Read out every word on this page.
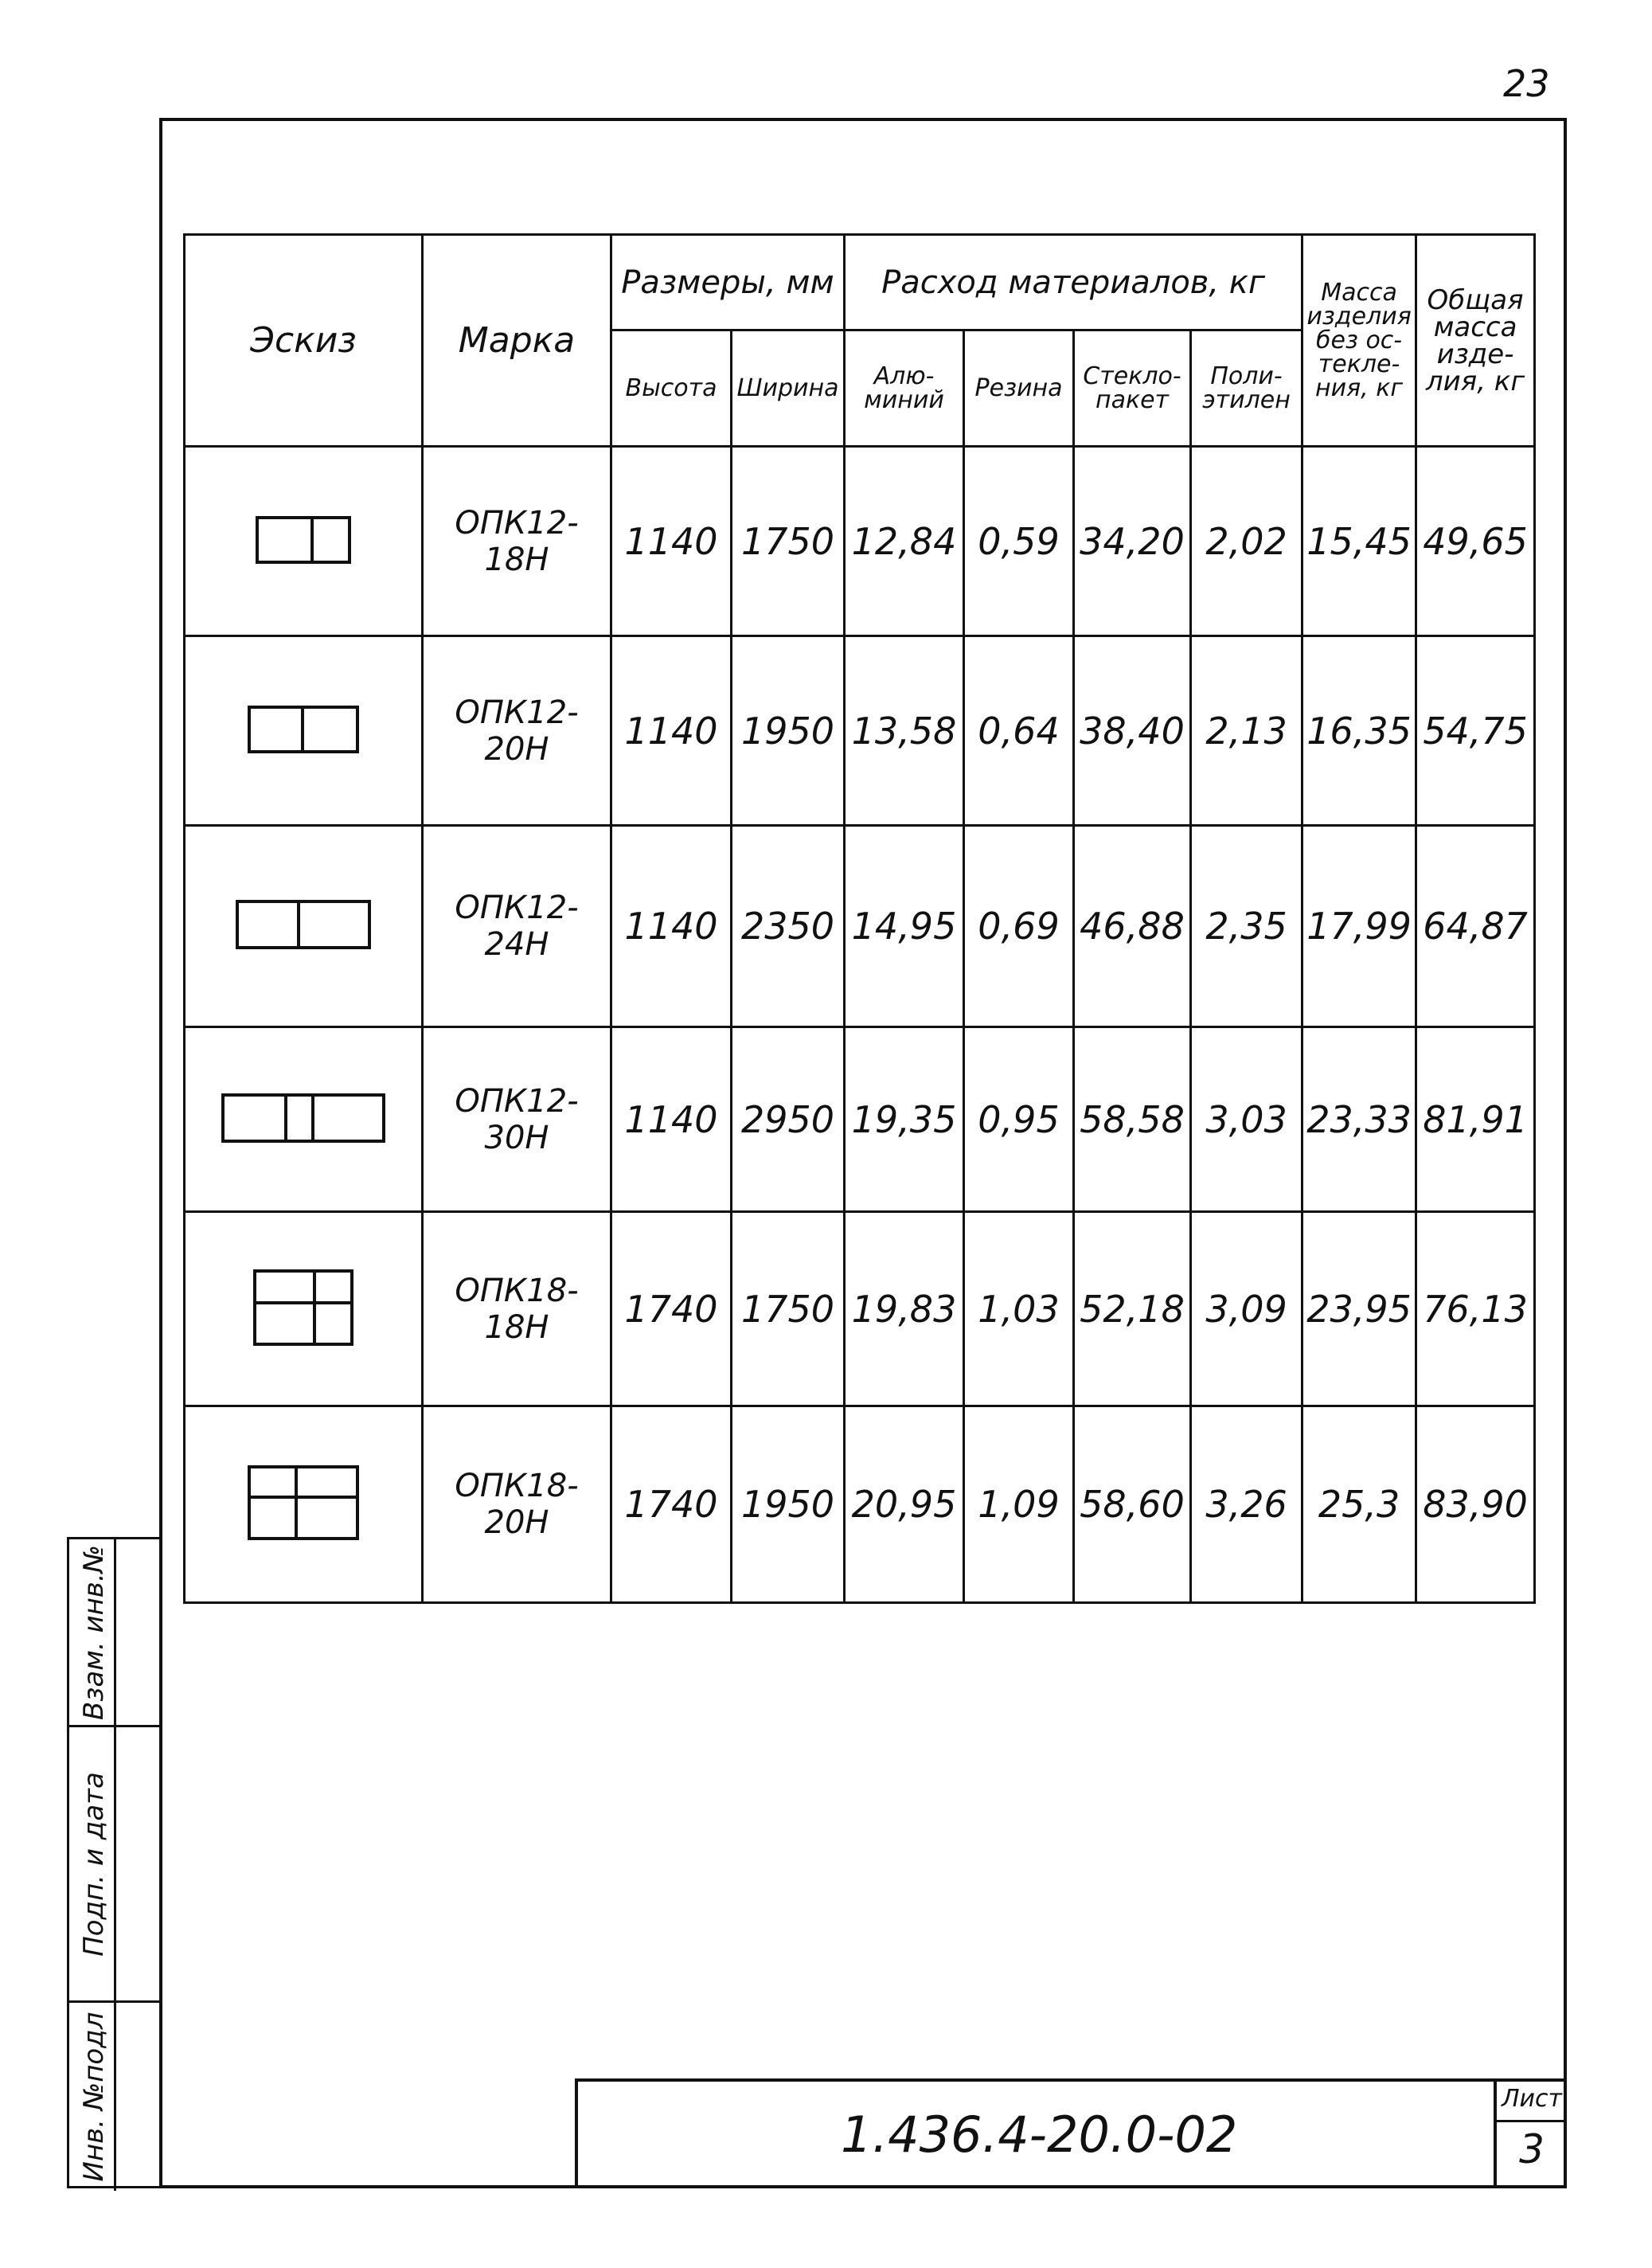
23
Взам. инв.№
Подп. и дата
Инв. №подл
Эскиз	Марка	Размеры, мм		Расход материалов, кг				Масса изделия без ос-текле-ния, кг	Общая масса изде-лия, кг
		Высота	Ширина	Алю-миний	Резина	Стекло-пакет	Поли-этилен		

	ОПК12-18Н	1140	1750	12,84	0,59	34,20	2,02	15,45	49,65

	ОПК12-20Н	1140	1950	13,58	0,64	38,40	2,13	16,35	54,75

	ОПК12-24Н	1140	2350	14,95	0,69	46,88	2,35	17,99	64,87

	ОПК12-30Н	1140	2950	19,35	0,95	58,58	3,03	23,33	81,91

	ОПК18-18Н	1740	1750	19,83	1,03	52,18	3,09	23,95	76,13

	ОПК18-20Н	1740	1950	20,95	1,09	58,60	3,26	25,3	83,90
1.436.4-20.0-02
Лист
3
